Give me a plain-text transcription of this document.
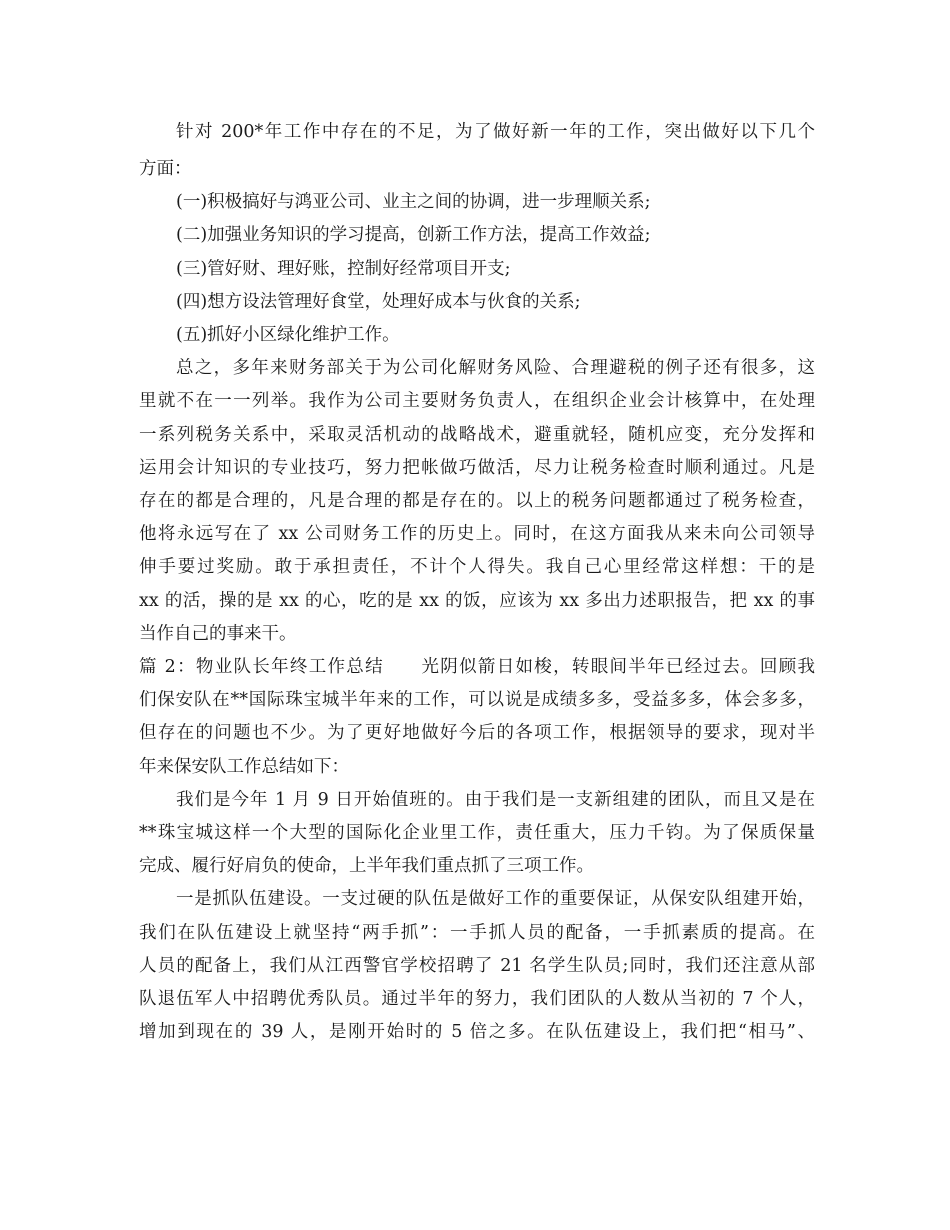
针对 200*年工作中存在的不足，为了做好新一年的工作，突出做好以下几个
方面：
(一)积极搞好与鸿亚公司、业主之间的协调，进一步理顺关系;
(二)加强业务知识的学习提高，创新工作方法，提高工作效益;
(三)管好财、理好账，控制好经常项目开支;
(四)想方设法管理好食堂，处理好成本与伙食的关系;
(五)抓好小区绿化维护工作。
总之，多年来财务部关于为公司化解财务风险、合理避税的例子还有很多，这
里就不在一一列举。我作为公司主要财务负责人，在组织企业会计核算中，在处理
一系列税务关系中，采取灵活机动的战略战术，避重就轻，随机应变，充分发挥和
运用会计知识的专业技巧，努力把帐做巧做活，尽力让税务检查时顺利通过。凡是
存在的都是合理的，凡是合理的都是存在的。以上的税务问题都通过了税务检查，
他将永远写在了 xx 公司财务工作的历史上。同时，在这方面我从来未向公司领导
伸手要过奖励。敢于承担责任，不计个人得失。我自己心里经常这样想：干的是
xx 的活，操的是 xx 的心，吃的是 xx 的饭，应该为 xx 多出力述职报告，把 xx 的事
当作自己的事来干。
篇 2：物业队长年终工作总结　　光阴似箭日如梭，转眼间半年已经过去。回顾我
们保安队在**国际珠宝城半年来的工作，可以说是成绩多多，受益多多，体会多多，
但存在的问题也不少。为了更好地做好今后的各项工作，根据领导的要求，现对半
年来保安队工作总结如下：
我们是今年 1 月 9 日开始值班的。由于我们是一支新组建的团队，而且又是在
**珠宝城这样一个大型的国际化企业里工作，责任重大，压力千钧。为了保质保量
完成、履行好肩负的使命，上半年我们重点抓了三项工作。
一是抓队伍建设。一支过硬的队伍是做好工作的重要保证，从保安队组建开始，
我们在队伍建设上就坚持“两手抓”：一手抓人员的配备，一手抓素质的提高。在
人员的配备上，我们从江西警官学校招聘了 21 名学生队员;同时，我们还注意从部
队退伍军人中招聘优秀队员。通过半年的努力，我们团队的人数从当初的 7 个人，
增加到现在的 39 人，是刚开始时的 5 倍之多。在队伍建设上，我们把“相马”、
